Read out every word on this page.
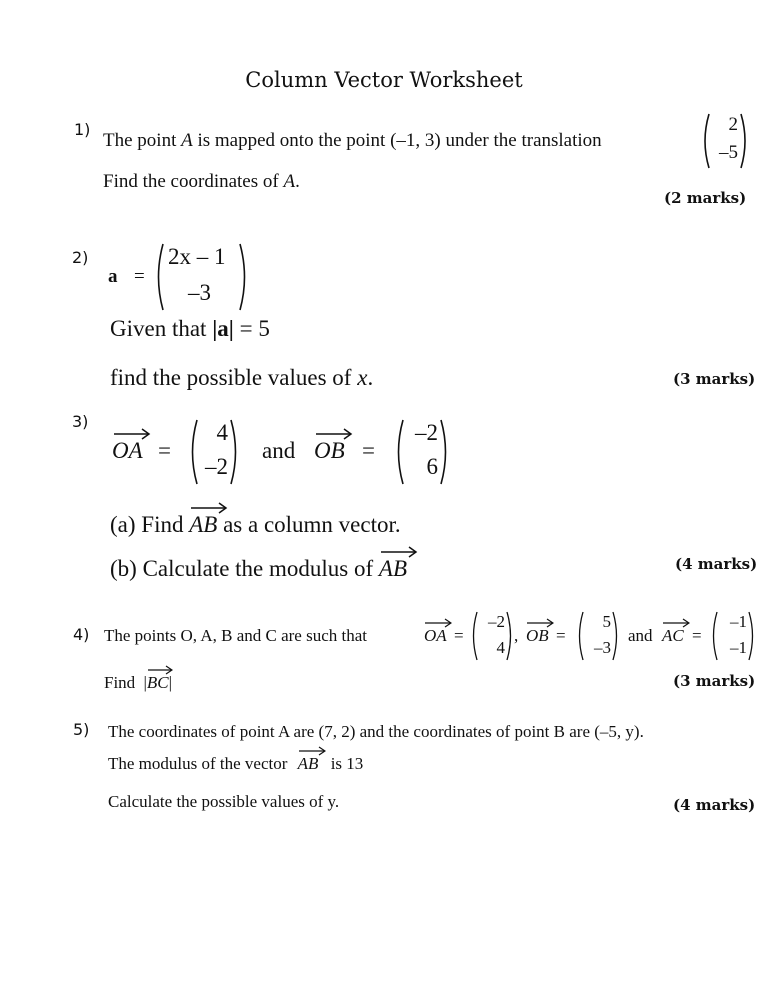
Column Vector Worksheet
1)
The point A is mapped onto the point (–1, 3) under the translation
2
–5
Find the coordinates of A.
(2 marks)
2)
a =
2x – 1
–3
Given that |a| = 5
find the possible values of x.	(3 marks)
3)
OA =
4
–2
and OB =
–2
6
(a) Find
AB as a column vector.
(b) Calculate the modulus of
AB	(4 marks)
4) The points O, A, B and C are such that	OA =
–2
4
, OB =
5
–3
and AC =
–1
–1
Find |
BC|	(3 marks)
5) The coordinates of point A are (7, 2) and the coordinates of point B are (–5, y).
The modulus of the vector AB is 13
Calculate the possible values of y.	(4 marks)
